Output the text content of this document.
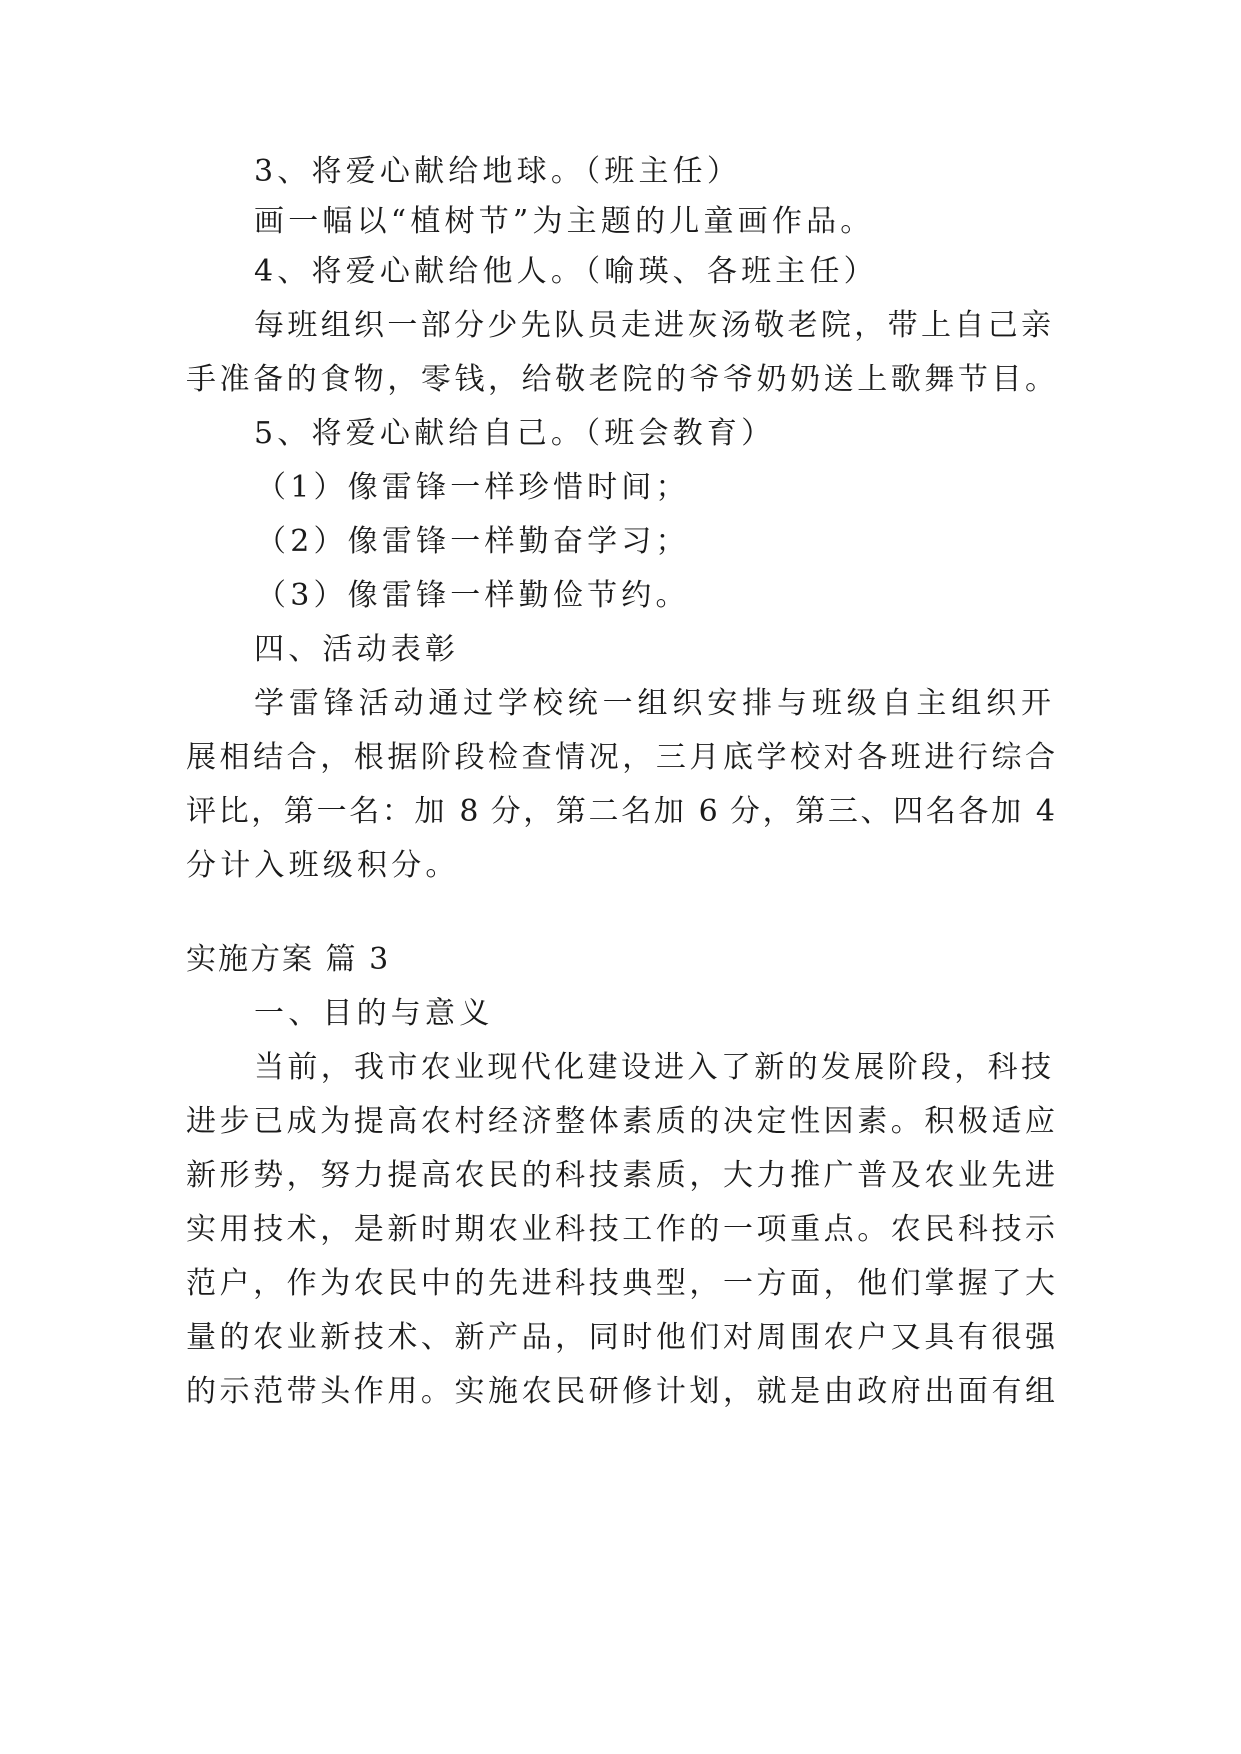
3、将爱心献给地球。（班主任）

画一幅以“植树节”为主题的儿童画作品。

4、将爱心献给他人。（喻瑛、各班主任）

每班组织一部分少先队员走进灰汤敬老院，带上自己亲

手准备的食物，零钱，给敬老院的爷爷奶奶送上歌舞节目。

5、将爱心献给自己。（班会教育）

（1）像雷锋一样珍惜时间；

（2）像雷锋一样勤奋学习；

（3）像雷锋一样勤俭节约。

四、活动表彰

学雷锋活动通过学校统一组织安排与班级自主组织开

展相结合，根据阶段检查情况，三月底学校对各班进行综合

评比，第一名：加 8 分，第二名加 6 分，第三、四名各加 4

分计入班级积分。

实施方案 篇 3

一、目的与意义

当前，我市农业现代化建设进入了新的发展阶段，科技

进步已成为提高农村经济整体素质的决定性因素。积极适应

新形势，努力提高农民的科技素质，大力推广普及农业先进

实用技术，是新时期农业科技工作的一项重点。农民科技示

范户，作为农民中的先进科技典型，一方面，他们掌握了大

量的农业新技术、新产品，同时他们对周围农户又具有很强

的示范带头作用。实施农民研修计划，就是由政府出面有组
